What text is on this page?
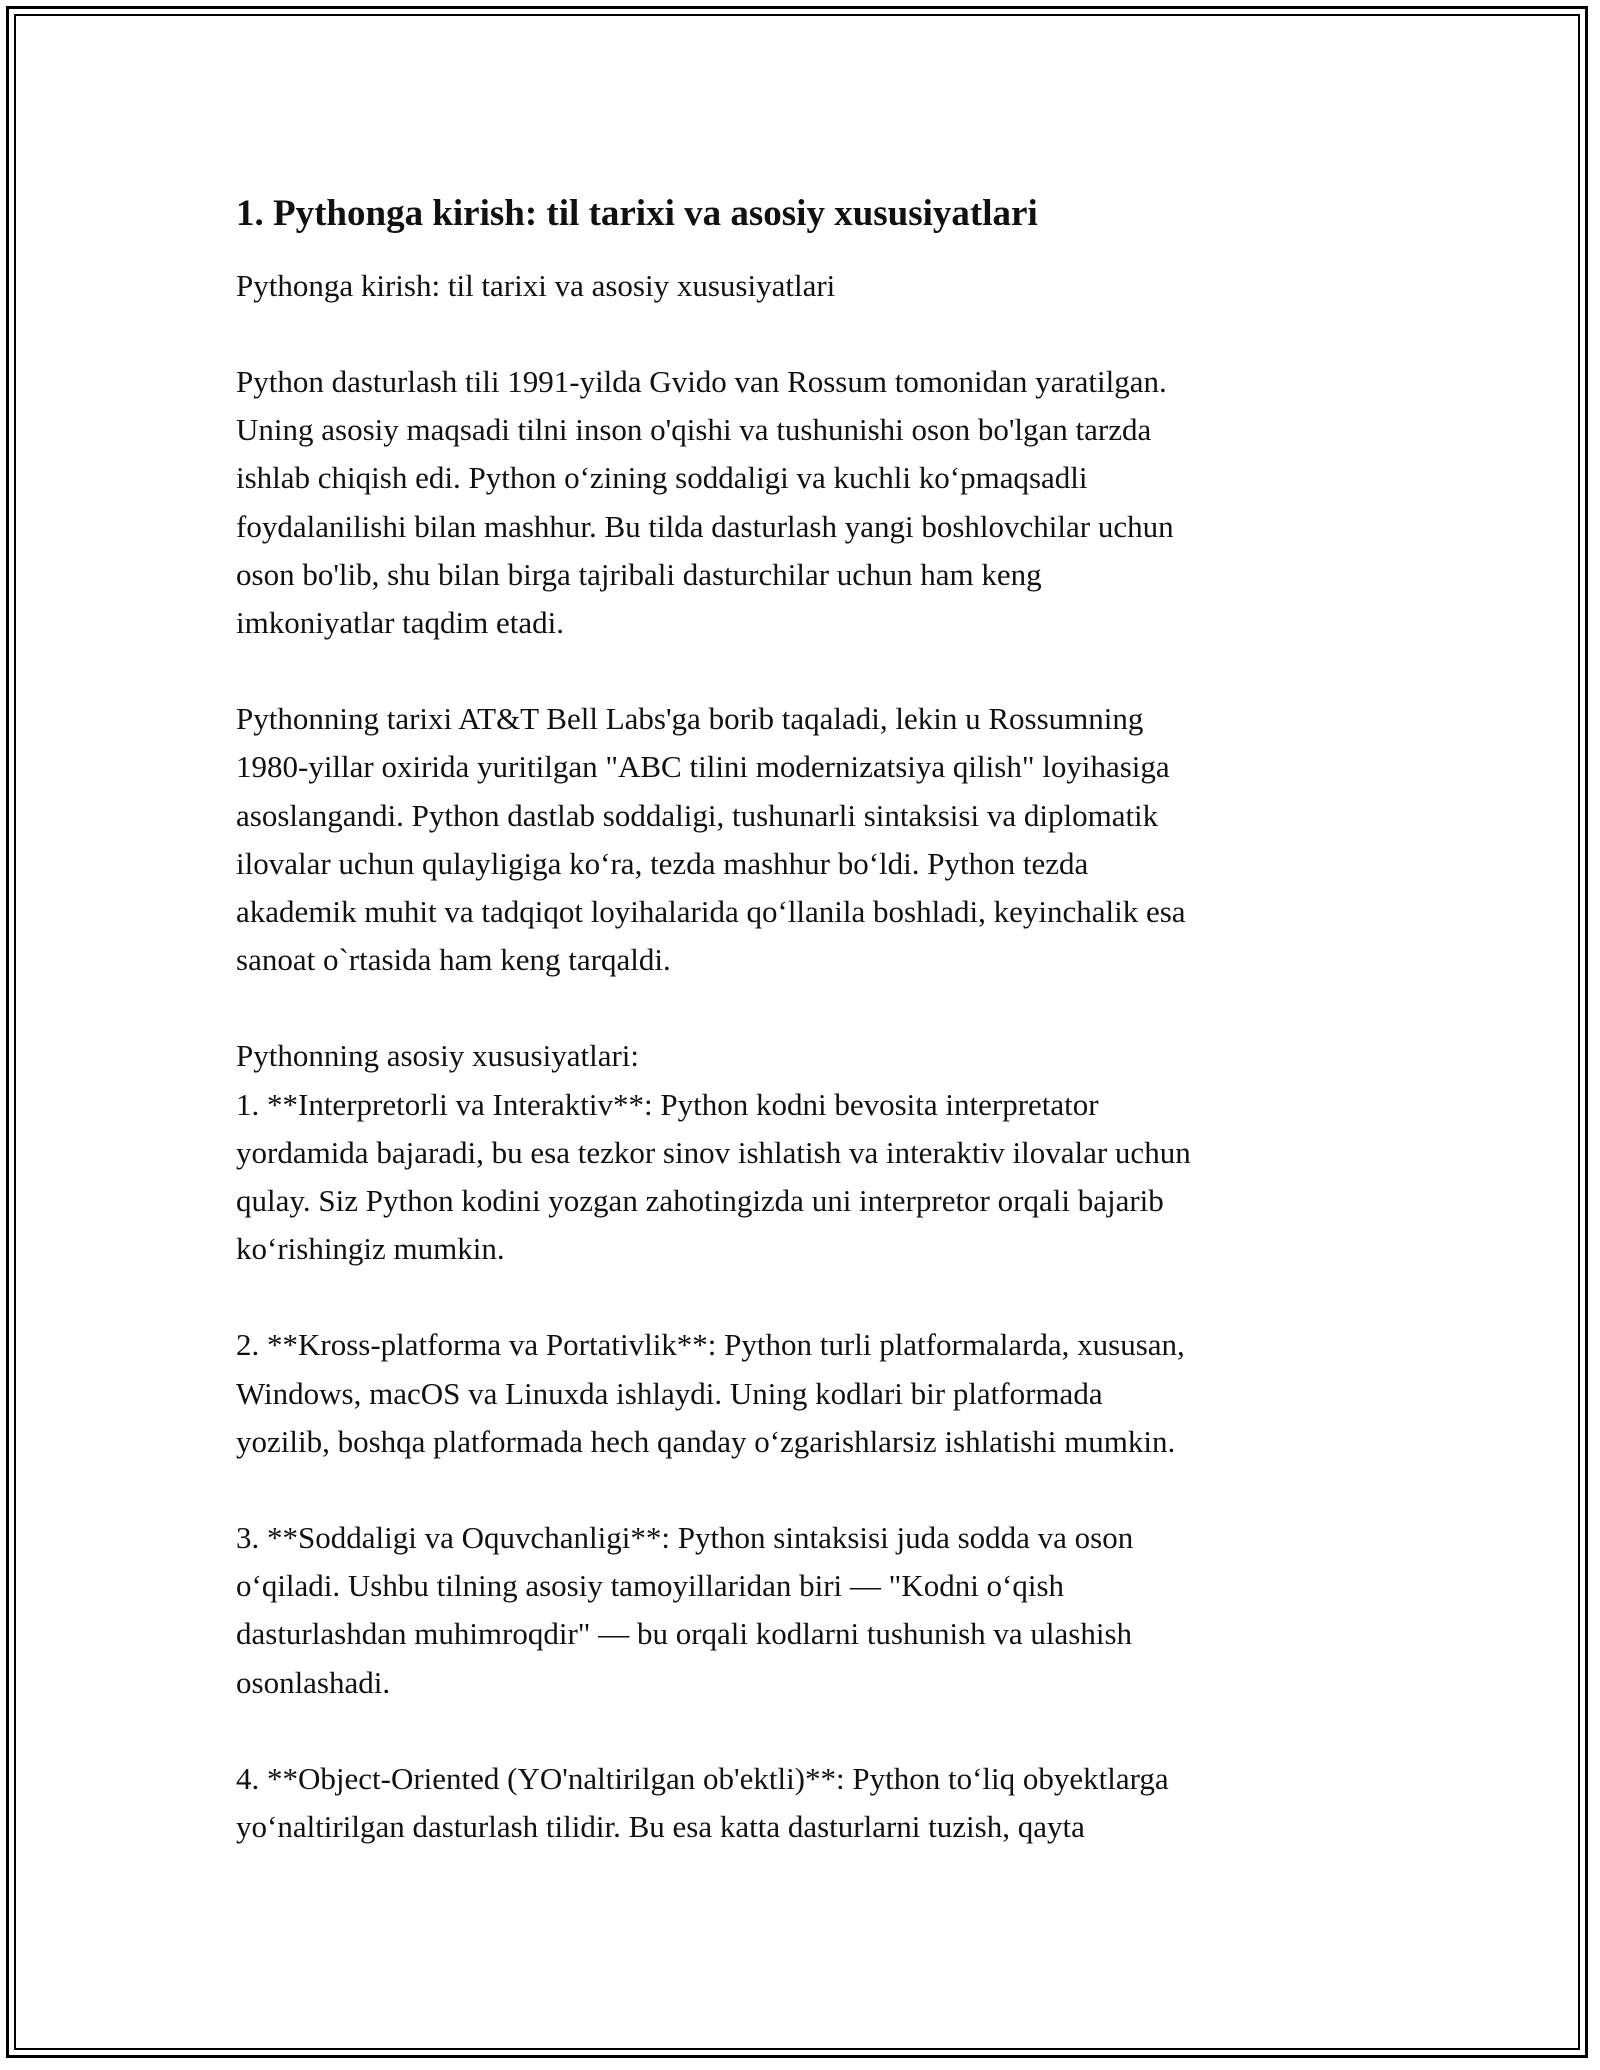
1. Pythonga kirish: til tarixi va asosiy xususiyatlari

Pythonga kirish: til tarixi va asosiy xususiyatlari

Python dasturlash tili 1991-yilda Gvido van Rossum tomonidan yaratilgan.
Uning asosiy maqsadi tilni inson o'qishi va tushunishi oson bo'lgan tarzda
ishlab chiqish edi. Python o‘zining soddaligi va kuchli ko‘pmaqsadli
foydalanilishi bilan mashhur. Bu tilda dasturlash yangi boshlovchilar uchun
oson bo'lib, shu bilan birga tajribali dasturchilar uchun ham keng
imkoniyatlar taqdim etadi.

Pythonning tarixi AT&T Bell Labs'ga borib taqaladi, lekin u Rossumning
1980-yillar oxirida yuritilgan "ABC tilini modernizatsiya qilish" loyihasiga
asoslangandi. Python dastlab soddaligi, tushunarli sintaksisi va diplomatik
ilovalar uchun qulayligiga ko‘ra, tezda mashhur bo‘ldi. Python tezda
akademik muhit va tadqiqot loyihalarida qo‘llanila boshladi, keyinchalik esa
sanoat o`rtasida ham keng tarqaldi.

Pythonning asosiy xususiyatlari:
1. **Interpretorli va Interaktiv**: Python kodni bevosita interpretator
yordamida bajaradi, bu esa tezkor sinov ishlatish va interaktiv ilovalar uchun
qulay. Siz Python kodini yozgan zahotingizda uni interpretor orqali bajarib
ko‘rishingiz mumkin.

2. **Kross-platforma va Portativlik**: Python turli platformalarda, xususan,
Windows, macOS va Linuxda ishlaydi. Uning kodlari bir platformada
yozilib, boshqa platformada hech qanday o‘zgarishlarsiz ishlatishi mumkin.

3. **Soddaligi va Oquvchanligi**: Python sintaksisi juda sodda va oson
o‘qiladi. Ushbu tilning asosiy tamoyillaridan biri — "Kodni o‘qish
dasturlashdan muhimroqdir" — bu orqali kodlarni tushunish va ulashish
osonlashadi.

4. **Object-Oriented (YO'naltirilgan ob'ektli)**: Python to‘liq obyektlarga
yo‘naltirilgan dasturlash tilidir. Bu esa katta dasturlarni tuzish, qayta
